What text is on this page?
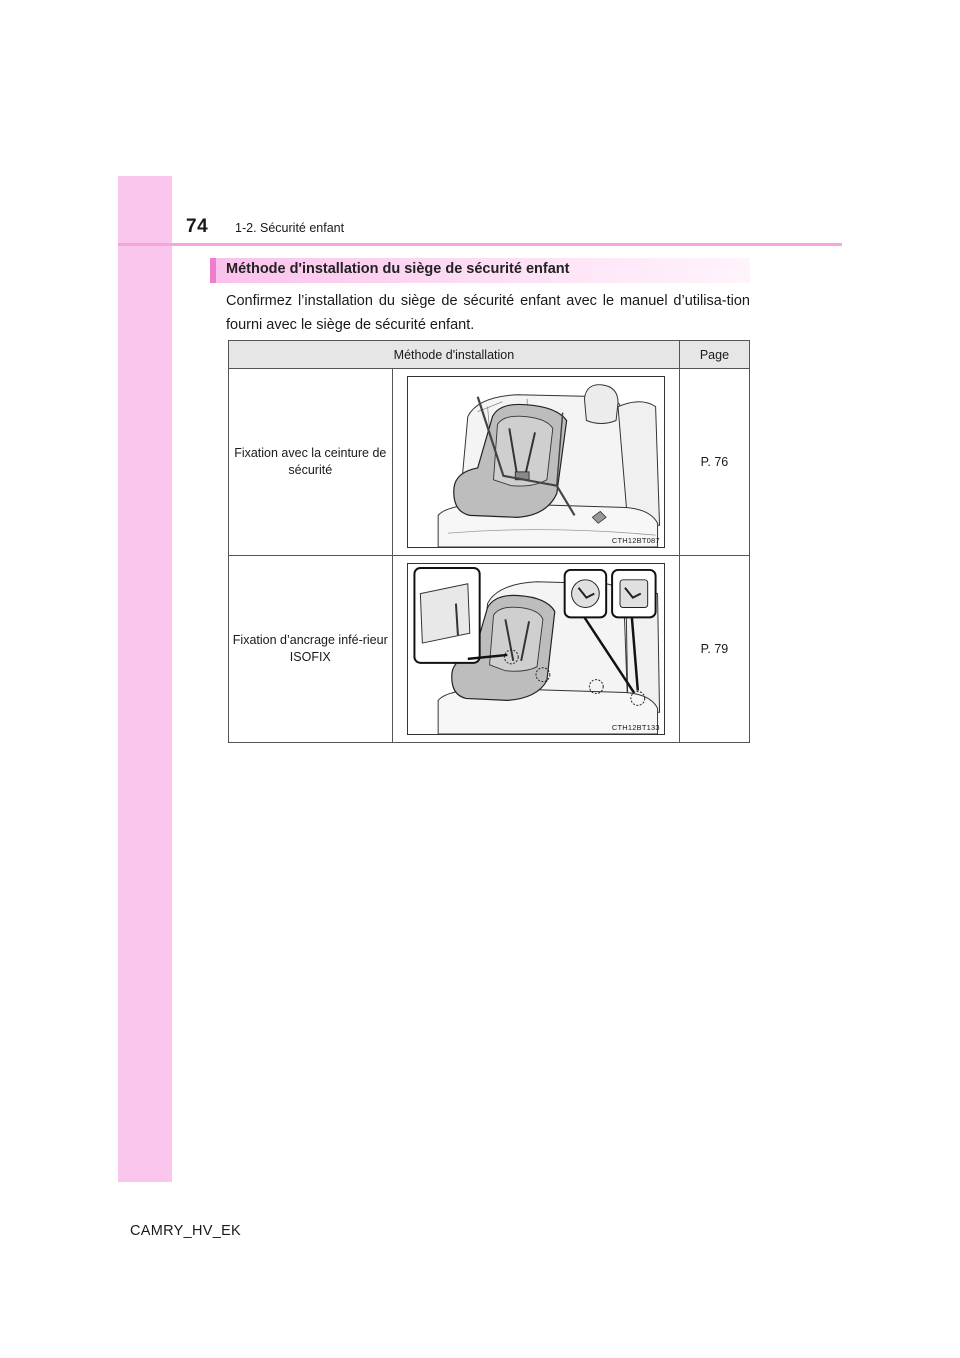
74 1-2. Sécurité enfant
Méthode d'installation du siège de sécurité enfant
Confirmez l’installation du siège de sécurité enfant avec le manuel d’utilisa-tion fourni avec le siège de sécurité enfant.
Méthode d'installation		Page
Fixation avec la ceinture de sécurité	CTH12BT087	P. 76
Fixation d’ancrage infé-rieur ISOFIX	CTH12BT133	P. 79
CAMRY_HV_EK
